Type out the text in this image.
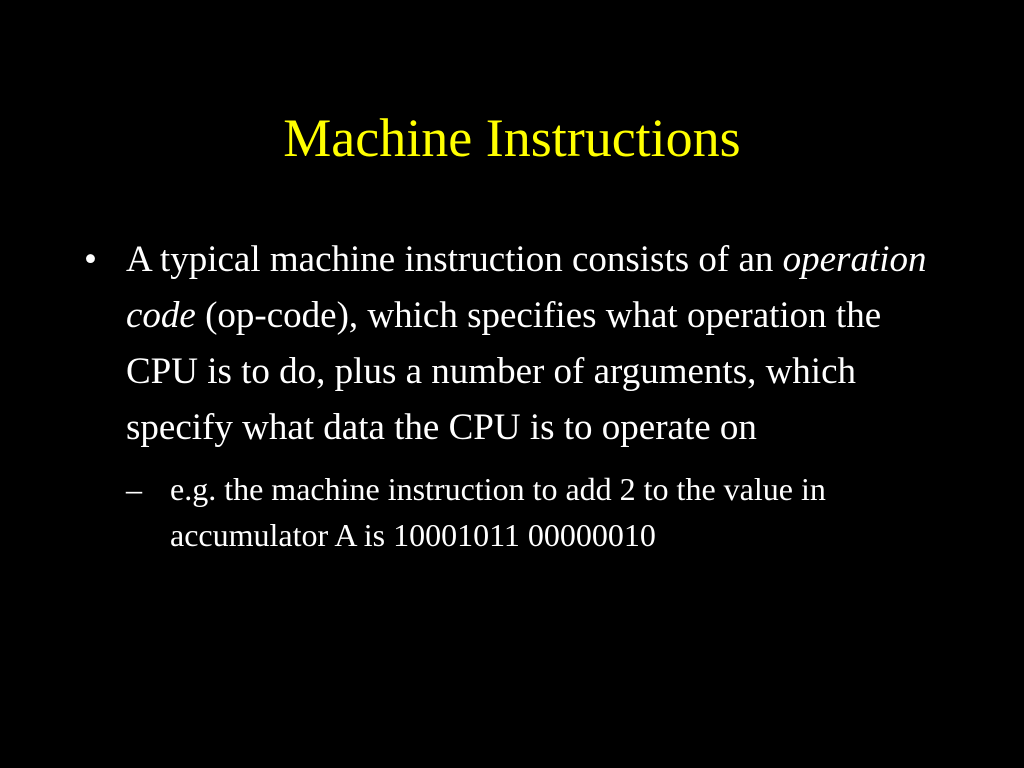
Machine Instructions
• A typical machine instruction consists of an operation code (op-code), which specifies what operation the CPU is to do, plus a number of arguments, which specify what data the CPU is to operate on
– e.g. the machine instruction to add 2 to the value in accumulator A is 10001011 00000010
